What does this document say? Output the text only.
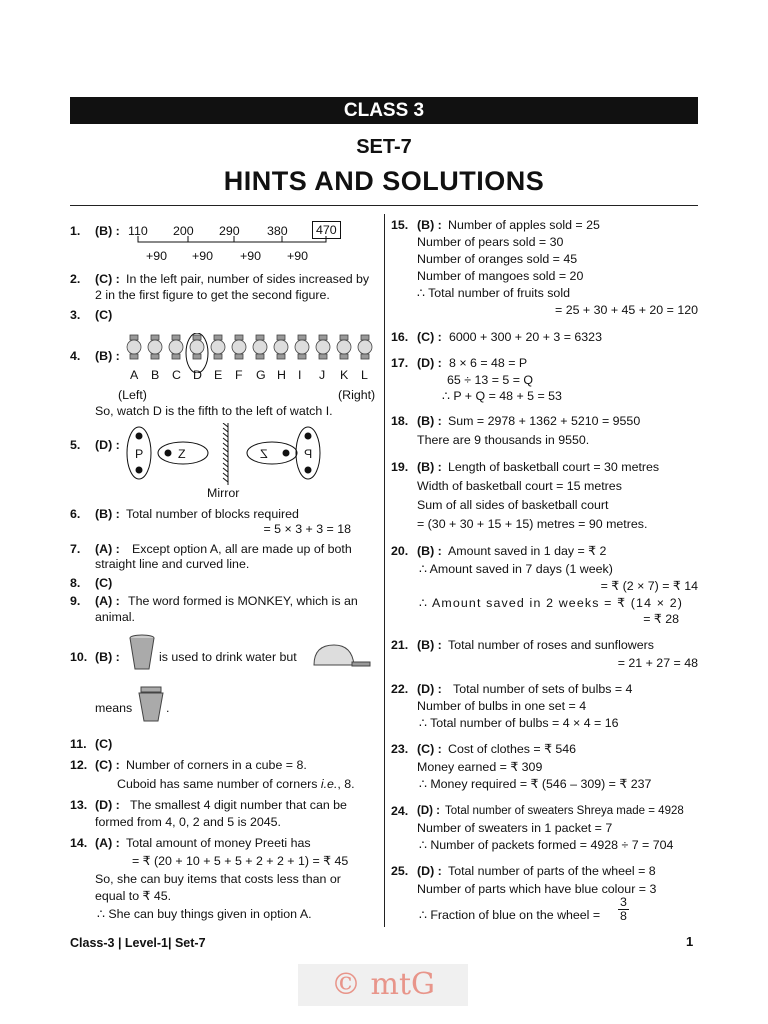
CLASS 3
SET-7
HINTS AND SOLUTIONS
1. (B) : 110 200 290 380	470
+90 +90 +90 +90
2. (C) : In the left pair, number of sides increased by
2 in the first figure to get the second figure.
3. (C)
4. (B) :
A B C D E F G H I J K L
(Left)	(Right)
So, watch D is the fifth to the left of watch I.
5. (D) :
P	Z	Z	P
Mirror
6. (B) : Total number of blocks required
= 5 × 3 + 3 = 18
7. (A) : Except option A, all are made up of both
straight line and curved line.
8. (C)
9. (A) : The word formed is MONKEY, which is an
animal.
10. (B) :	is used to drink water but
means	.
11. (C)
12. (C) : Number of corners in a cube = 8.
Cuboid has same number of corners i.e., 8.
13. (D) : The smallest 4 digit number that can be
formed from 4, 0, 2 and 5 is 2045.
14. (A) : Total amount of money Preeti has
= ₹ (20 + 10 + 5 + 5 + 2 + 2 + 1) = ₹ 45
So, she can buy items that costs less than or
equal to ₹ 45.
∴ She can buy things given in option A.
15. (B) : Number of apples sold = 25
Number of pears sold = 30
Number of oranges sold = 45
Number of mangoes sold = 20
∴ Total number of fruits sold
= 25 + 30 + 45 + 20 = 120
16. (C) : 6000 + 300 + 20 + 3 = 6323
17. (D) : 8 × 6 = 48 = P
65 ÷ 13 = 5 = Q
∴ P + Q = 48 + 5 = 53
18. (B) : Sum = 2978 + 1362 + 5210 = 9550
There are 9 thousands in 9550.
19. (B) : Length of basketball court = 30 metres
Width of basketball court = 15 metres
Sum of all sides of basketball court
= (30 + 30 + 15 + 15) metres = 90 metres.
20. (B) : Amount saved in 1 day = ₹ 2
∴ Amount saved in 7 days (1 week)
= ₹ (2 × 7) = ₹ 14
∴ Amount saved in 2 weeks = ₹ (14 × 2)
= ₹ 28
21. (B) : Total number of roses and sunflowers
= 21 + 27 = 48
22. (D) : Total number of sets of bulbs = 4
Number of bulbs in one set = 4
∴ Total number of bulbs = 4 × 4 = 16
23. (C) : Cost of clothes = ₹ 546
Money earned = ₹ 309
∴ Money required = ₹ (546 – 309) = ₹ 237
24. (D) : Total number of sweaters Shreya made = 4928
Number of sweaters in 1 packet = 7
∴ Number of packets formed = 4928 ÷ 7 = 704
25. (D) : Total number of parts of the wheel = 8
Number of parts which have blue colour = 3
∴ Fraction of blue on the wheel = $\frac{3}{8}$
Class-3 | Level-1| Set-7	1
© mtG
